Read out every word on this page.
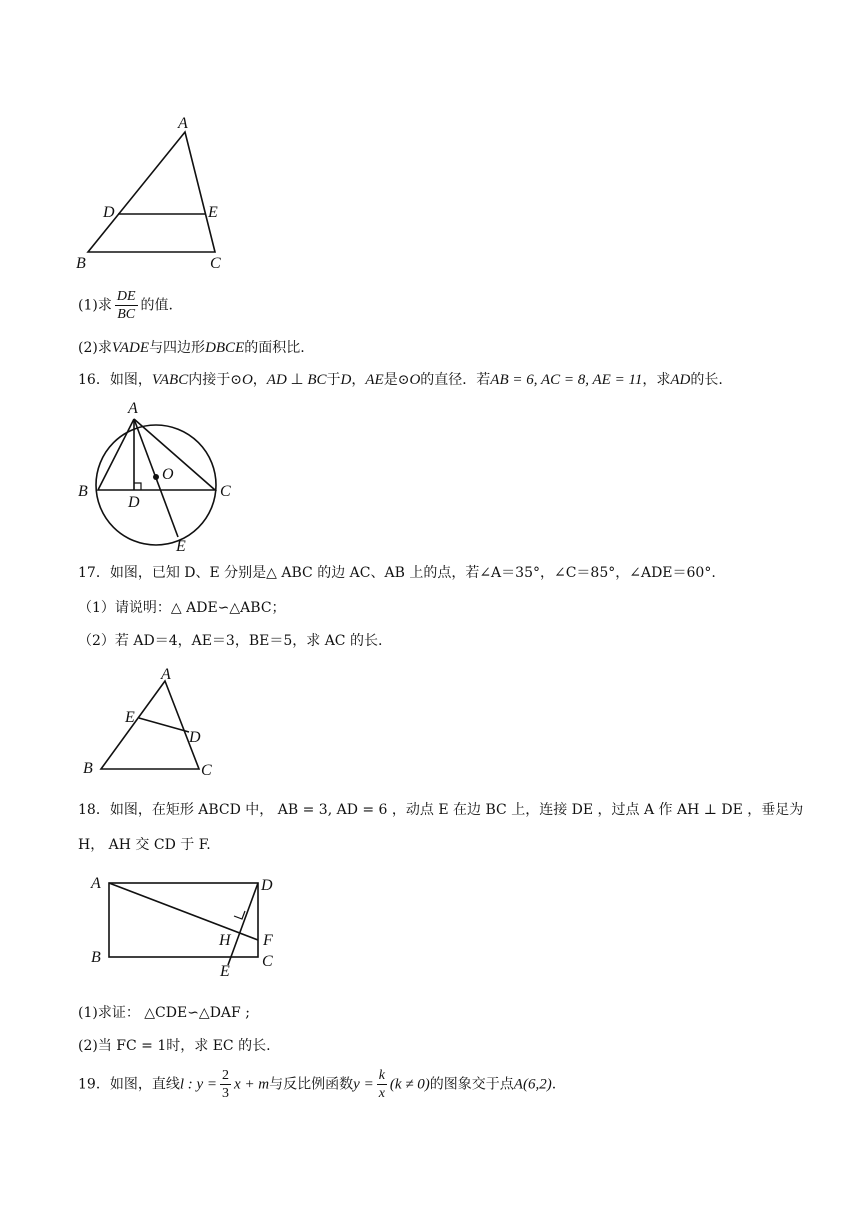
A
B	C
D	E
(1)求 $\frac{DE}{BC}$ 的值.
(2)求VADE与四边形DBCE的面积比.
16．如图，VABC内接于⊙O，AD ⊥ BC于D，AE是⊙O的直径．若AB = 6, AC = 8, AE = 11，求AD的长.
A
B	C
D
E
O
17．如图，已知 D、E 分别是△ ABC 的边 AC、AB 上的点，若∠A＝35°，∠C＝85°，∠ADE＝60°.
（1）请说明：△ ADE∽△ABC；
（2）若 AD＝4，AE＝3，BE＝5，求 AC 的长.
A
B	C
D
E
18．如图，在矩形 ABCD 中， AB = 3, AD = 6 ，动点 E 在边 BC 上，连接 DE ，过点 A 作 AH ⊥ DE ，垂足为
H， AH 交 CD 于 F.
A
B	C
D
E
F
H
(1)求证： △CDE∽△DAF ;
(2)当 FC = 1时，求 EC 的长.
19．如图，直线l : $y = \frac{2}{3}$ x + m与反比例函数$y = \frac{k}{x} (k \ne 0)$的图象交于点A(6,2).
